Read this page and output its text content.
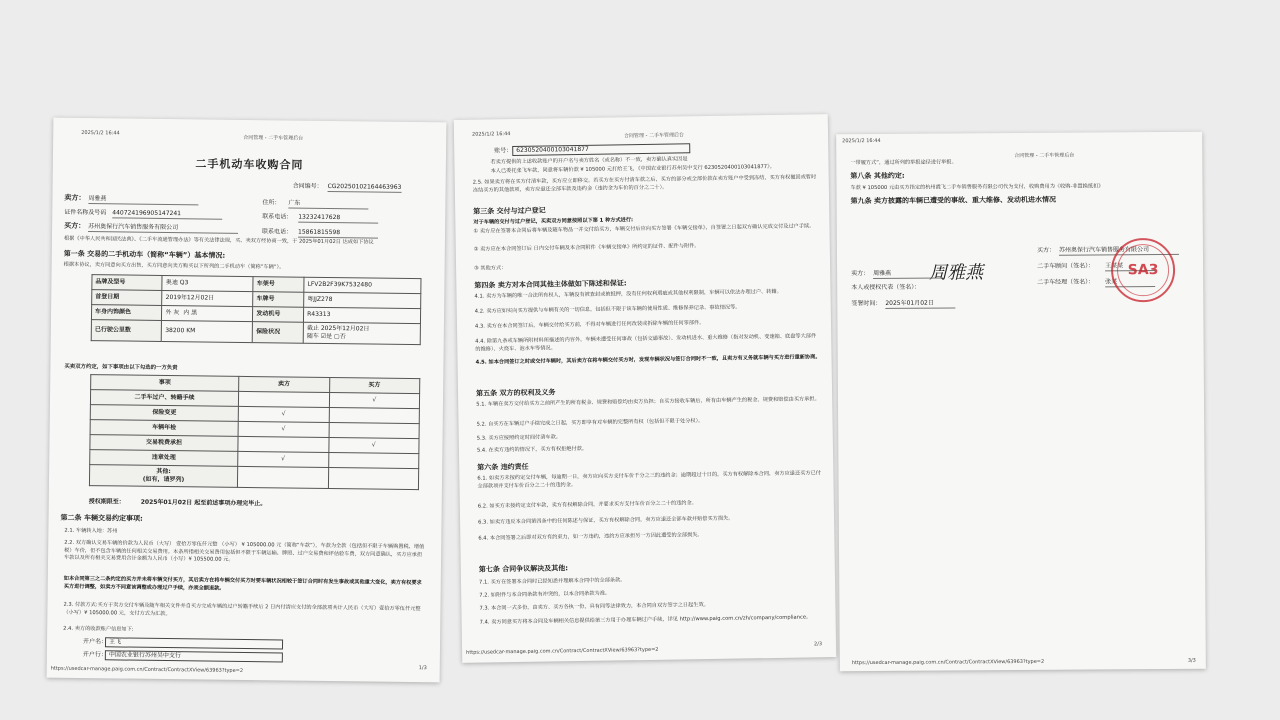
2025/1/2 16:44
合同管理 - 二手车管理后台
二手机动车收购合同
合同编号： CG20250102164463963
卖方： 周雅燕
住所： 广东
证件名称及号码 440724196905147241	联系电话： 13232417628
买方： 苏州奥保行汽车销售服务有限公司
联系电话： 15861815598
根据《中华人民共和国民法典》、《二手车流通管理办法》等有关法律法规，买、卖双方经协商一致，于 2025年01月02日 达成如下协议
第一条 交易的二手机动车（简称“车辆”）基本情况:
根据本协议，卖方同意向买方出售，买方同意向卖方购买以下所列的二手机动车（简称“车辆”）。
品牌及型号	奥迪 Q3	车架号	LFV2B2F39K7532480
首登日期	2019年12月02日	车牌号	粤JJZ278
车身内饰颜色	外 灰 内 黑	发动机号	R43313
已行驶公里数	38200 KM	保险状况	截止 2025年12月02日
随车 ☑是 ▢否
买卖双方约定，如下事项由以下勾选的一方负责
事项	卖方	买方
二手车过户、转籍手续		√
保险变更	√	
车辆年检	√	
交易税费承担		√
违章处理	√	
其他:
(如有，请罗列)		
授权期限至：	2025年01月02日 起至前述事项办理完毕止。
第二条 车辆交易约定事项:
2.1. 车辆转入地：苏州
2.2. 双方确认交易车辆的价款为人民币（大写） 壹拾万零伍仟元整 （小写） ¥ 105000.00 元（简称“车款”），车款为全款（包括但不限于车辆购置税、增值税）车价，但不包含车辆的任何相关交易费用。本条所指相关交易费用包括但不限于车辆运输、牌照、过户交易费和评估验车费，双方同意确认，买方应承担车款以及所有相关交易费用合计金额为人民币（小写）¥ 105500.00 元。
如本合同第三之二条约定的买方并未将车辆交付买方，其后卖方在将车辆交付买方时要车辆状况相较于签订合同时有发生事故或其他重大变化，卖方有权要求买方进行调整，如卖方不同意该调整或办理过户手续，亦须全额退款。
2.3. 付款方式:买方于卖方交付车辆及随车相关文件并自买方完成车辆的过户转籍手续后 2 日内付清应支付的全部款项共计人民币（大写）壹拾万零伍仟元整 （小写）¥ 105000.00 元，支付方式为汇款。
2.4. 卖方的收款账户信息如下:
开户名： 王飞
开户行： 中国农业银行苏州吴中支行
https://usedcar-manage.paig.com.cn/Contract/ContractXView/63963?type=2	1/3
2025/1/2 16:44	合同管理 - 二手车管理后台
账号： 6230520400103041877
若卖方提供的上述收款账户的开户名与卖方姓名（或名称）不一致，卖方确认真实因是
本人已委托张飞车款，同意将车辆价款 ¥ 105000 元打给王飞，《中国农业银行苏州吴中支行 6230520400103041877》。
2.5. 如果卖方将在买方付清车款，买方应立即移交。若买方在买方付清车款之后，买方的部分或全部价款在卖方账户中受到冻结，买方有权撤回或暂时冻结买方的其他款项，卖方应退还全部车款及违约金（违约金为车价的百分之二十）。
第三条 交付与过户登记
对于车辆的交付与过户登记，买卖双方同意按照以下第 1 种方式进行:
① 卖方应在签署本合同后将车辆及随车物品一并交付给买方，车辆交付后应向买方签署《车辆交接单》，自签署之日起双方确认完成交付及过户手续。
② 卖方应在本合同签订后 日内交付车辆及本合同附件《车辆交接单》所约定的证件、配件与附件。
③ 其他方式：
第四条 卖方对本合同其他主体做如下陈述和保证:
4.1. 卖方为车辆的唯一合法所有权人，车辆没有被查封或被抵押，没有任何权利瑕疵或其他权利限制，车辆可以依法办理过户、转籍。
4.2. 卖方应如实向买方提供与车辆有关的一切信息，包括但不限于该车辆的使用性质、维修保养记录、事故情况等。
4.3. 卖方在本合同签订后，车辆交付给买方前，不得对车辆进行任何改装或拆除车辆的任何零部件。
4.4. 除第九条或车辆所附材料所描述的内容外，车辆未遭受任何事故（包括交通事故）、发动机进水、重大维修（指对发动机、变速箱、底盘等大部件的维修）、火烧车、泡水车等情况。
4.5. 如本合同签订之时或交付车辆时，其后卖方在将车辆交付买方时，发现车辆状况与签订合同时不一致，且卖方有义务就车辆与买方进行重新协商。
第五条 双方的权利及义务
5.1. 车辆在卖方交付给买方之前所产生的所有税金、规费和赔偿均由卖方负担；自买方接收车辆后，所有由车辆产生的税金、规费和赔偿由买方承担。
5.2. 自买方在车辆过户手续完成之日起，买方即享有对车辆的完整所有权（包括但不限于处分权）。
5.3. 买方应按照约定时间付清车款。
5.4. 在卖方违约的情况下，买方有权拒绝付款。
第六条 违约责任
6.1. 如卖方未按约定交付车辆，每逾期一日，卖方应向买方支付车价千分之三的违约金；逾期超过十日的，买方有权解除本合同，卖方应退还买方已付全部款项并支付车价百分之二十的违约金。
6.2. 如买方未按约定支付车款，卖方有权解除合同，并要求买方支付车价百分之二十的违约金。
6.3. 如卖方违反本合同第四条中的任何陈述与保证，买方有权解除合同，卖方应退还全部车款并赔偿买方损失。
6.4. 本合同签署之后即对双方有约束力，如一方违约，违约方应承担另一方因此遭受的全部损失。
第七条 合同争议解决及其他:
7.1. 买方在签署本合同时已经知悉并理解本合同中的全部条款。
7.2. 如附件与本合同条款有冲突的，以本合同条款为准。
7.3. 本合同一式多份，由卖方、买方各执一份，具有同等法律效力，本合同自双方签字之日起生效。
7.4. 卖方同意买方将本合同及车辆相关信息提供给第三方用于办理车辆过户手续，详见 http://www.paig.com.cn/zh/company/compliance。
https://usedcar-manage.paig.com.cn/Contract/ContractXView/63963?type=2
2/3
2025/1/2 16:44
合同管理 - 二手车管理后台
一带履方式”，通过所列的举报途径进行举报。
第八条 其他约定:
车款 ¥ 105000 元由买方指定的杭州霞飞二手车销售服务有限公司代为支付，收购费用为《收购-非置换抵扣》
第九条 卖方披露的车辆已遭受的事故、重大维修、发动机进水情况
卖方： 周雅燕
本人或授权代表（签名）：
周雅燕
签署时间： 2025年01月02日
买方： 苏州奥保行汽车销售服务有限公司
二手车顾问（签名）： 王某某
二手车经理（签名）： 张某
SA3
https://usedcar-manage.paig.com.cn/Contract/ContractXView/63963?type=2	3/3
